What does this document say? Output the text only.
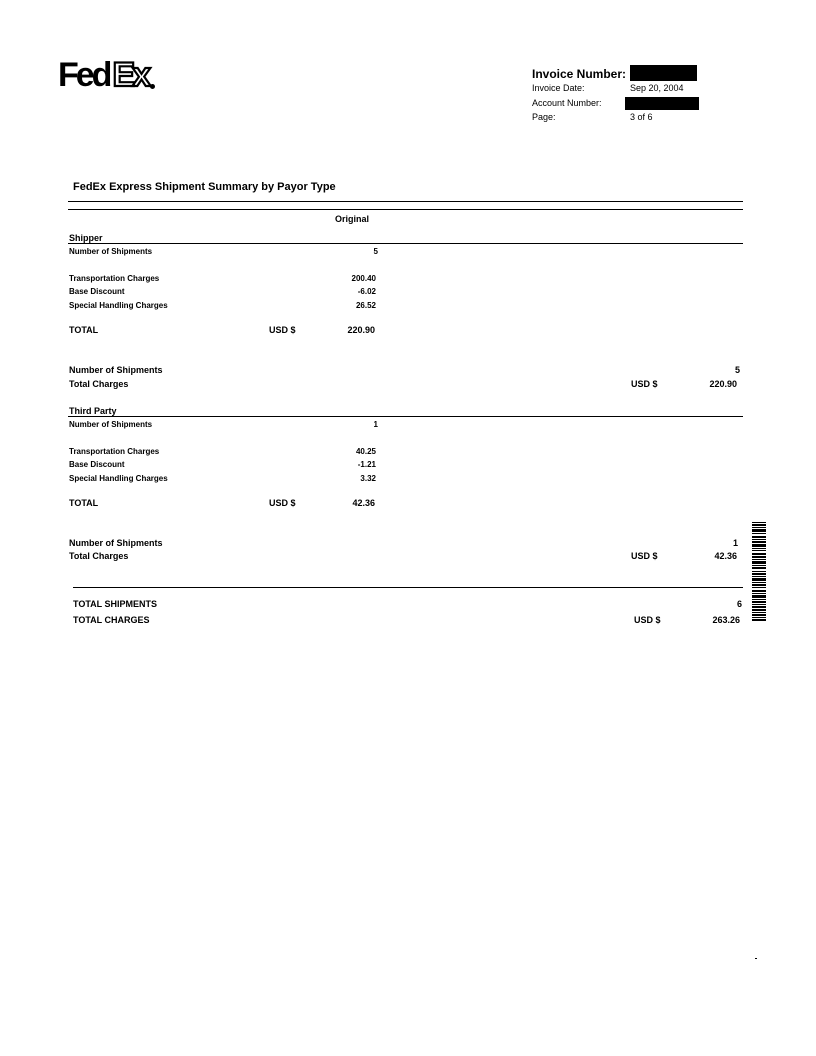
FedEx	Invoice Number:
Invoice Date:	Sep 20, 2004
Account Number:
Page:	3 of 6
FedEx Express Shipment Summary by Payor Type
Original
Shipper
Number of Shipments	5
Transportation Charges	200.40
Base Discount	-6.02
Special Handling Charges	26.52
TOTAL	USD $	220.90
Number of Shipments	5
Total Charges	USD $	220.90
Third Party
Number of Shipments	1
Transportation Charges	40.25
Base Discount	-1.21
Special Handling Charges	3.32
TOTAL	USD $	42.36
Number of Shipments	1
Total Charges	USD $	42.36
TOTAL SHIPMENTS	6
TOTAL CHARGES	USD $	263.26
